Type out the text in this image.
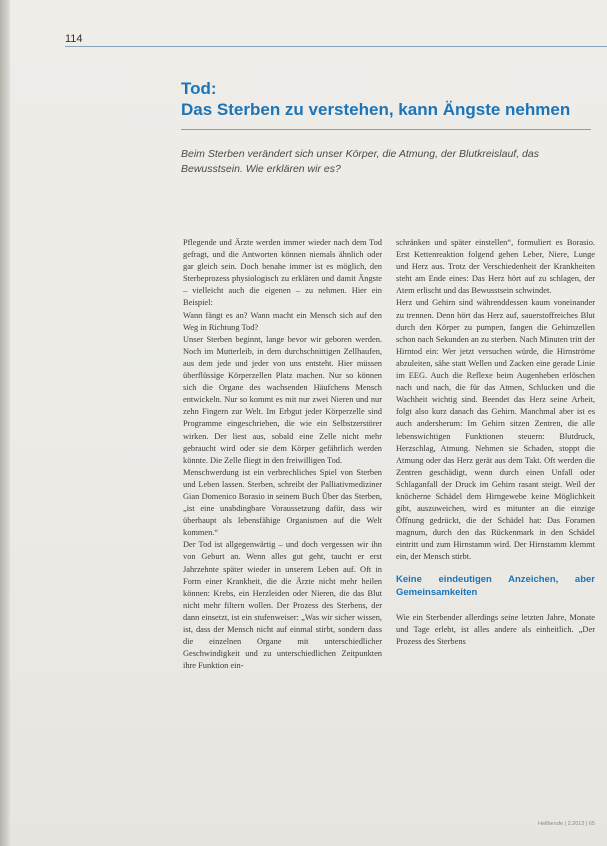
114
Tod:
Das Sterben zu verstehen, kann Ängste nehmen

Beim Sterben verändert sich unser Körper, die Atmung, der Blutkreislauf, das Bewusstsein. Wie erklären wir es?

Pflegende und Ärzte werden immer wieder nach dem Tod gefragt, und die Antworten können niemals ähnlich oder gar gleich sein. Doch benahe immer ist es möglich, den Sterbeprozess physiologisch zu erklären und damit Ängste – vielleicht auch die eigenen – zu nehmen. Hier ein Beispiel:

Wann fängt es an? Wann macht ein Mensch sich auf den Weg in Richtung Tod?

Unser Sterben beginnt, lange bevor wir geboren werden. Noch im Mutterleib, in dem durchschnittigen Zellhaufen, aus dem jede und jeder von uns entsteht. Hier müssen überflüssige Körperzellen Platz machen. Nur so können sich die Organe des wachsenden Häufchens Mensch entwickeln. Nur so kommt es mit nur zwei Nieren und nur zehn Fingern zur Welt. Im Erbgut jeder Körperzelle sind Programme eingeschrieben, die wie ein Selbstzerstörer wirken. Der liest aus, sobald eine Zelle nicht mehr gebraucht wird oder sie dem Körper gefährlich werden könnte. Die Zelle fliegt in den freiwilligen Tod.

Menschwerdung ist ein verbrechliches Spiel von Sterben und Leben lassen. Sterben, schreibt der Palliativmediziner Gian Domenico Borasio in seinem Buch Über das Sterben, „ist eine unabdingbare Voraussetzung dafür, dass wir überhaupt als lebensfähige Organismen auf die Welt kommen.“

Der Tod ist allgegenwärtig – und doch vergessen wir ihn von Geburt an. Wenn alles gut geht, taucht er erst Jahrzehnte später wieder in unserem Leben auf. Oft in Form einer Krankheit, die die Ärzte nicht mehr heilen können: Krebs, ein Herzleiden oder Nieren, die das Blut nicht mehr filtern wollen. Der Prozess des Sterbens, der dann einsetzt, ist ein stufenweiser: „Was wir sicher wissen, ist, dass der Mensch nicht auf einmal stirbt, sondern dass die einzelnen Organe mit unterschiedlicher Geschwindigkeit und zu unterschiedlichen Zeitpunkten ihre Funktion ein-

schränken und später einstellen“, formuliert es Borasio. Erst Kettenreaktion folgend gehen Leber, Niere, Lunge und Herz aus. Trotz der Verschiedenheit der Krankheiten steht am Ende eines: Das Herz hört auf zu schlagen, der Atem erlischt und das Bewusstsein schwindet.

Herz und Gehirn sind währenddessen kaum voneinander zu trennen. Denn hört das Herz auf, sauerstoffreiches Blut durch den Körper zu pumpen, fangen die Gehirnzellen schon nach Sekunden an zu sterben. Nach Minuten tritt der Hirntod ein: Wer jetzt versuchen würde, die Hirnströme abzuleiten, sähe statt Wellen und Zacken eine gerade Linie im EEG. Auch die Reflexe beim Augenheben erlöschen nach und nach, die für das Atmen, Schlucken und die Wachheit wichtig sind. Beendet das Herz seine Arbeit, folgt also kurz danach das Gehirn. Manchmal aber ist es auch andersherum: Im Gehirn sitzen Zentren, die alle lebenswichtigen Funktionen steuern: Blutdruck, Herzschlag, Atmung. Nehmen sie Schaden, stoppt die Atmung oder das Herz gerät aus dem Takt. Oft werden die Zentren geschädigt, wenn durch einen Unfall oder Schlaganfall der Druck im Gehirn rasant steigt. Weil der knöcherne Schädel dem Hirngewebe keine Möglichkeit gibt, auszuweichen, wird es mitunter an die einzige Öffnung gedrückt, die der Schädel hat: Das Foramen magnum, durch den das Rückenmark in den Schädel eintritt und zum Hirnstamm wird. Der Hirnstamm klemmt ein, der Mensch stirbt.

Keine eindeutigen Anzeichen, aber Gemeinsamkeiten

Wie ein Sterbender allerdings seine letzten Jahre, Monate und Tage erlebt, ist alles andere als einheitlich. „Der Prozess des Sterbens

Heilberufe | 2.2013 | 65
